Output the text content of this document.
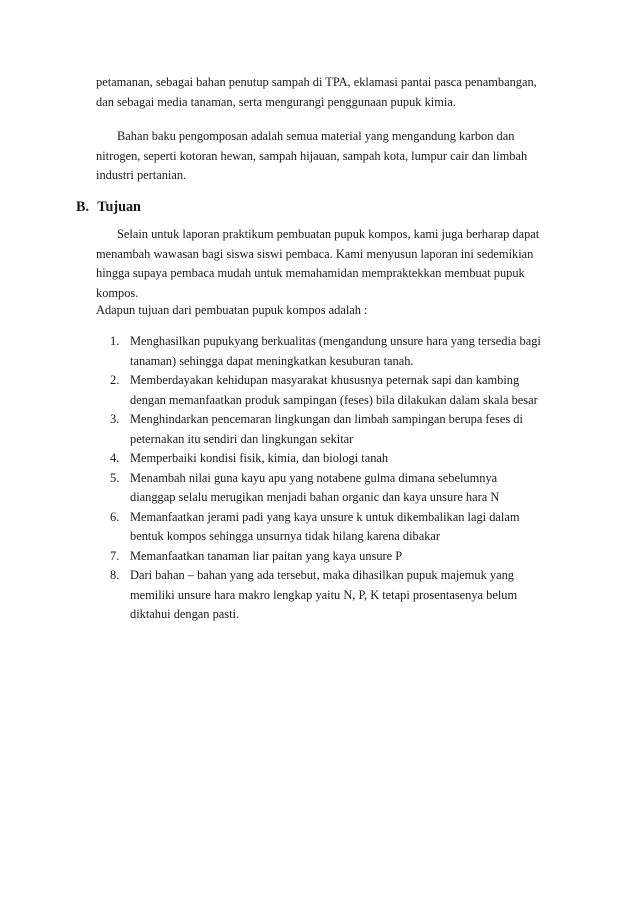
petamanan, sebagai bahan penutup sampah di TPA, eklamasi pantai pasca penambangan,
dan sebagai media tanaman, serta mengurangi penggunaan pupuk kimia.

Bahan baku pengomposan adalah semua material yang mengandung karbon dan
nitrogen, seperti kotoran hewan, sampah hijauan, sampah kota, lumpur cair dan limbah
industri pertanian.

B. Tujuan

Selain untuk laporan praktikum pembuatan pupuk kompos, kami juga berharap dapat
menambah wawasan bagi siswa siswi pembaca. Kami menyusun laporan ini sedemikian
hingga supaya pembaca mudah untuk memahamidan mempraktekkan membuat pupuk
kompos.

Adapun tujuan dari pembuatan pupuk kompos adalah :

1. Menghasilkan pupukyang berkualitas (mengandung unsure hara yang tersedia bagi
tanaman) sehingga dapat meningkatkan kesuburan tanah.
2. Memberdayakan kehidupan masyarakat khususnya peternak sapi dan kambing
dengan memanfaatkan produk sampingan (feses) bila dilakukan dalam skala besar
3. Menghindarkan pencemaran lingkungan dan limbah sampingan berupa feses di
peternakan itu sendiri dan lingkungan sekitar
4. Memperbaiki kondisi fisik, kimia, dan biologi tanah
5. Menambah nilai guna kayu apu yang notabene gulma dimana sebelumnya
dianggap selalu merugikan menjadi bahan organic dan kaya unsure hara N
6. Memanfaatkan jerami padi yang kaya unsure k untuk dikembalikan lagi dalam
bentuk kompos sehingga unsurnya tidak hilang karena dibakar
7. Memanfaatkan tanaman liar paitan yang kaya unsure P
8. Dari bahan – bahan yang ada tersebut, maka dihasilkan pupuk majemuk yang
memiliki unsure hara makro lengkap yaitu N, P, K tetapi prosentasenya belum
diktahui dengan pasti.
